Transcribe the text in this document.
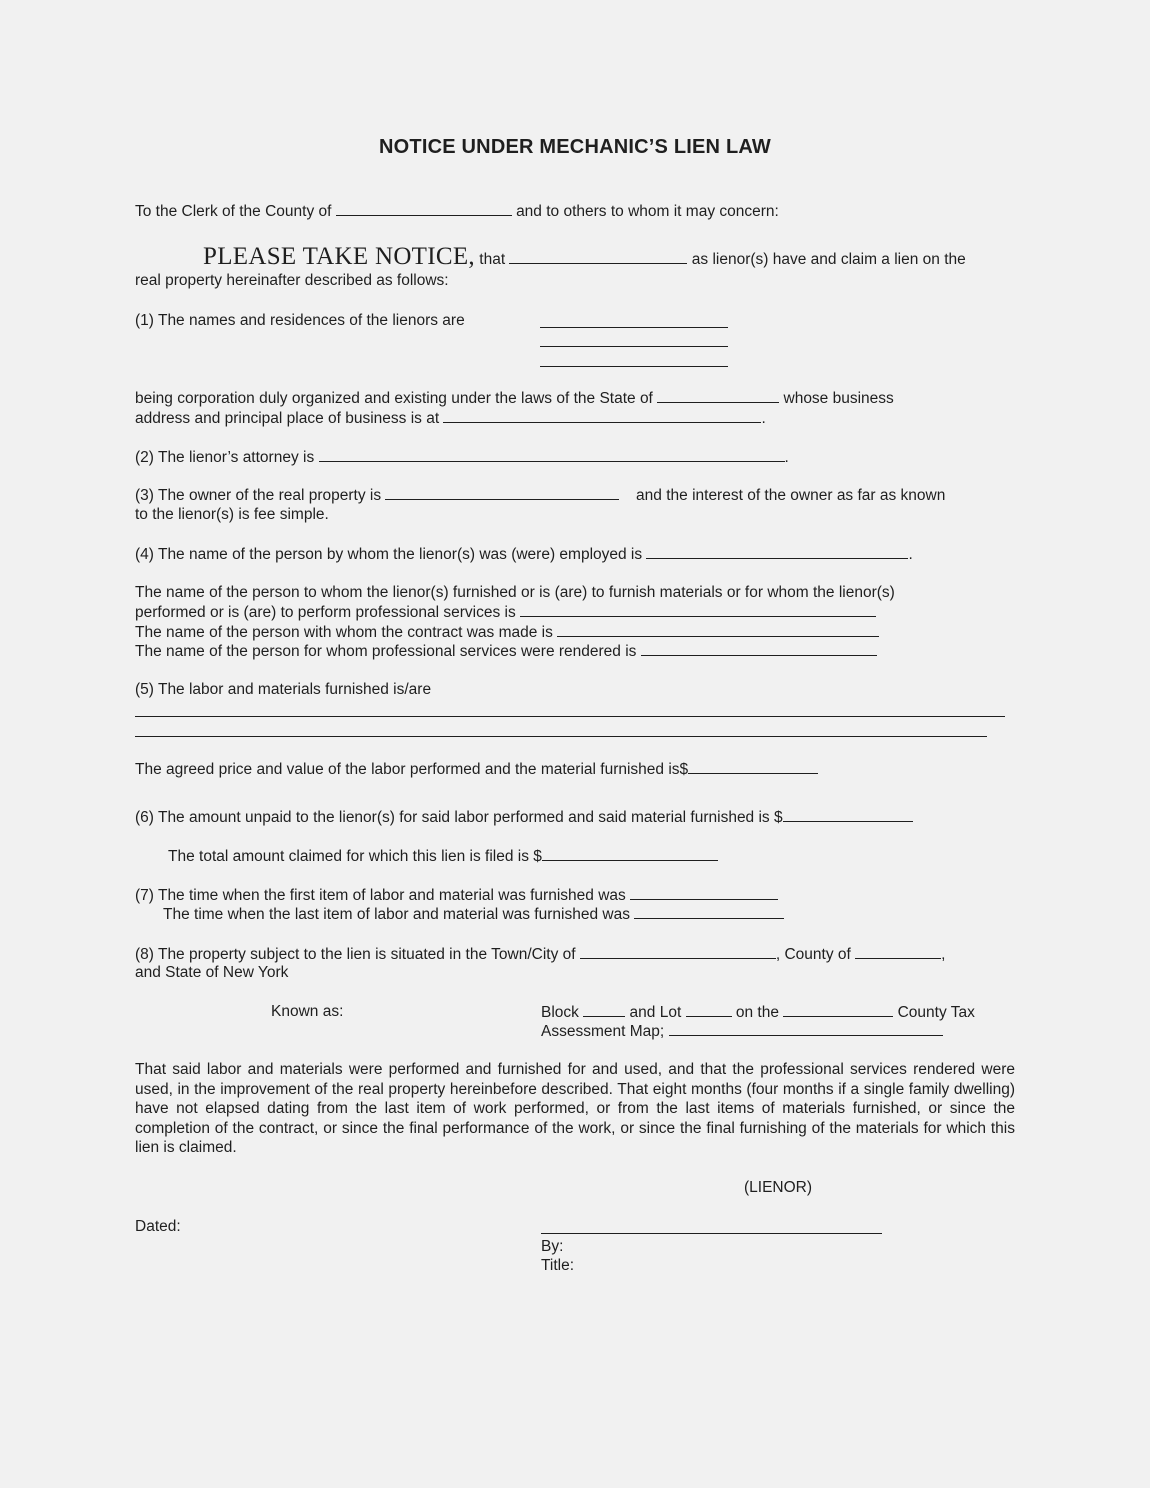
NOTICE UNDER MECHANIC’S LIEN LAW
To the Clerk of the County of	and to others to whom it may concern:
PLEASE TAKE NOTICE, that	as lienor(s) have and claim a lien on the
real property hereinafter described as follows:
(1) The names and residences of the lienors are
being corporation duly organized and existing under the laws of the State of	whose business
address and principal place of business is at	.
(2) The lienor’s attorney is	.
(3) The owner of the real property is	and the interest of the owner as far as known
to the lienor(s) is fee simple.
(4) The name of the person by whom the lienor(s) was (were) employed is	.
The name of the person to whom the lienor(s) furnished or is (are) to furnish materials or for whom the lienor(s)
performed or is (are) to perform professional services is
The name of the person with whom the contract was made is
The name of the person for whom professional services were rendered is
(5) The labor and materials furnished is/are
The agreed price and value of the labor performed and the material furnished is$
(6) The amount unpaid to the lienor(s) for said labor performed and said material furnished is $
The total amount claimed for which this lien is filed is $
(7) The time when the first item of labor and material was furnished was
The time when the last item of labor and material was furnished was
(8) The property subject to the lien is situated in the Town/City of	, County of	,
and State of New York
Known as:	Block	and Lot	on the	County Tax
Assessment Map;
That said labor and materials were performed and furnished for and used, and that the professional services rendered were used, in the improvement of the real property hereinbefore described. That eight months (four months if a single family dwelling) have not elapsed dating from the last item of work performed, or from the last items of materials furnished, or since the completion of the contract, or since the final performance of the work, or since the final furnishing of the materials for which this lien is claimed.
(LIENOR)
Dated:
By:
Title:
